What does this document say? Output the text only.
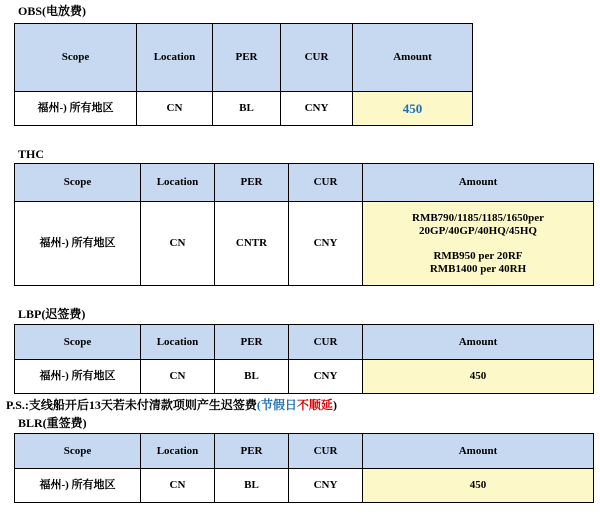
OBS(电放费)
Scope	Location	PER	CUR	Amount
福州-) 所有地区	CN	BL	CNY	450
THC
Scope	Location	PER	CUR	Amount
福州-) 所有地区	CN	CNTR	CNY	RMB790/1185/1185/1650per
20GP/40GP/40HQ/45HQ
RMB950 per 20RF
RMB1400 per 40RH
LBP(迟签费)
Scope	Location	PER	CUR	Amount
福州-) 所有地区	CN	BL	CNY	450
P.S.:支线船开后13天若未付清款项则产生迟签费(节假日不顺延)
BLR(重签费)
Scope	Location	PER	CUR	Amount
福州-) 所有地区	CN	BL	CNY	450
